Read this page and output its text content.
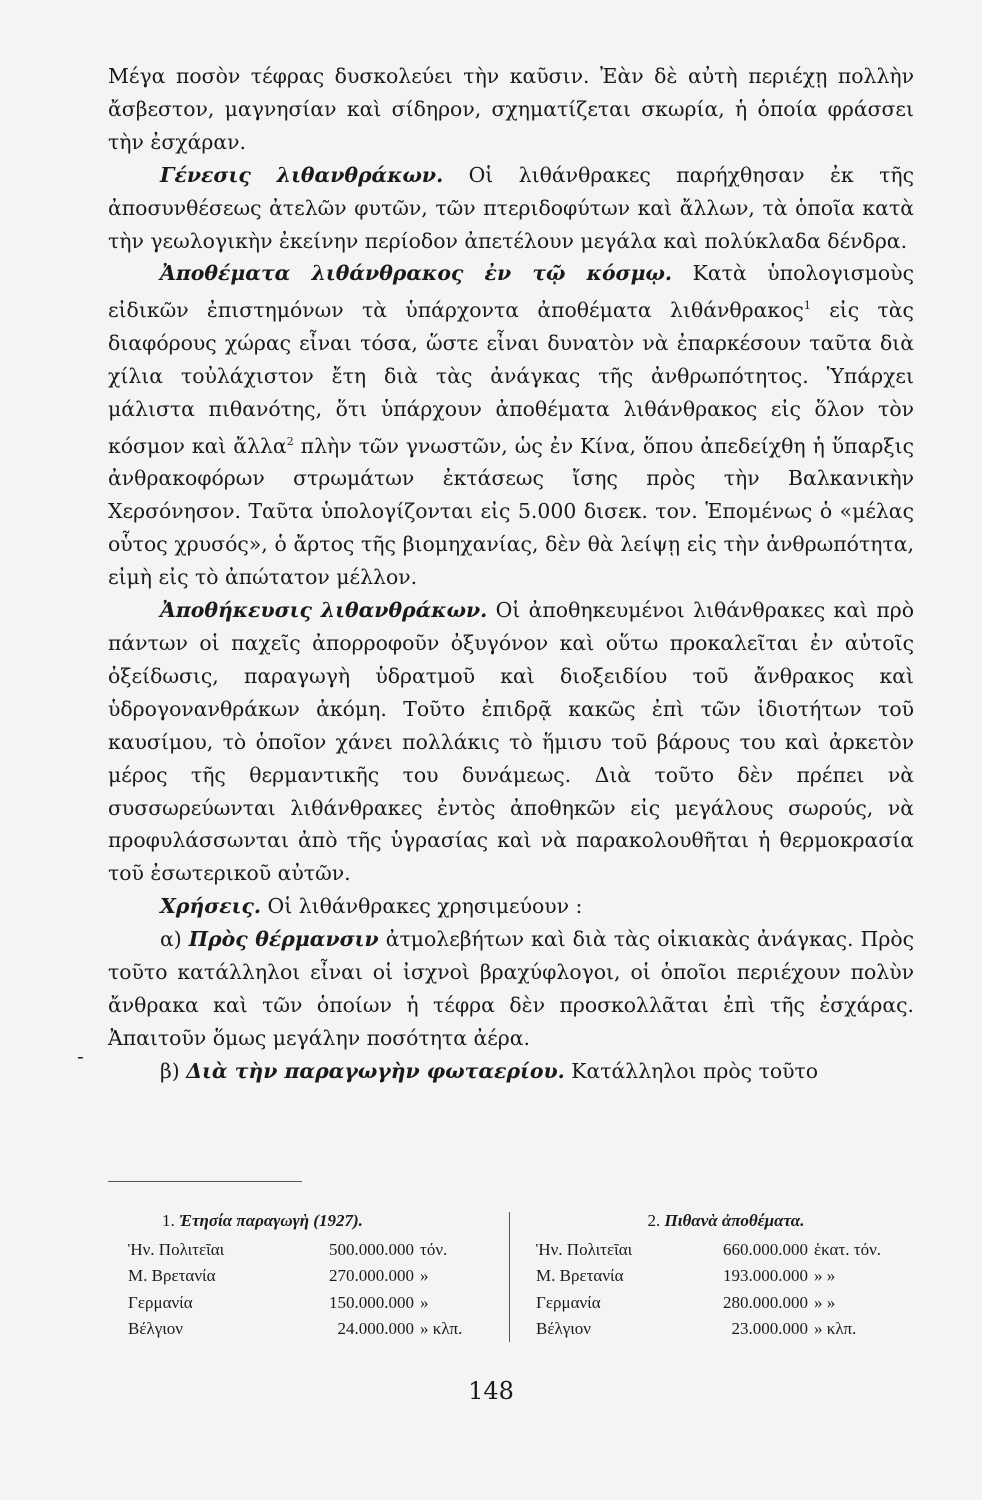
Μέγα ποσὸν τέφρας δυσκολεύει τὴν καῦσιν. Ἐὰν δὲ αὐτὴ περιέχῃ πολλὴν ἄσβεστον, μαγνησίαν καὶ σίδηρον, σχηματίζεται σκωρία, ἡ ὁποία φράσσει τὴν ἐσχάραν.

Γένεσις λιθανθράκων. Οἱ λιθάνθρακες παρήχθησαν ἐκ τῆς ἀποσυνθέσεως ἀτελῶν φυτῶν, τῶν πτεριδοφύτων καὶ ἄλλων, τὰ ὁποῖα κατὰ τὴν γεωλογικὴν ἐκείνην περίοδον ἀπετέλουν μεγάλα καὶ πολύκλαδα δένδρα.

Ἀποθέματα λιθάνθρακος ἐν τῷ κόσμῳ. Κατὰ ὑπολογισμοὺς εἰδικῶν ἐπιστημόνων τὰ ὑπάρχοντα ἀποθέματα λιθάνθρακος$^1$ εἰς τὰς διαφόρους χώρας εἶναι τόσα, ὥστε εἶναι δυνατὸν νὰ ἐπαρκέσουν ταῦτα διὰ χίλια τοὐλάχιστον ἔτη διὰ τὰς ἀνάγκας τῆς ἀνθρωπότητος. Ὑπάρχει μάλιστα πιθανότης, ὅτι ὑπάρχουν ἀποθέματα λιθάνθρακος εἰς ὅλον τὸν κόσμον καὶ ἄλλα$^2$ πλὴν τῶν γνωστῶν, ὡς ἐν Κίνα, ὅπου ἀπεδείχθη ἡ ὕπαρξις ἀνθρακοφόρων στρωμάτων ἐκτάσεως ἴσης πρὸς τὴν Βαλκανικὴν Χερσόνησον. Ταῦτα ὑπολογίζονται εἰς 5.000 δισεκ. τον. Ἑπομένως ὁ «μέλας οὗτος χρυσός», ὁ ἄρτος τῆς βιομηχανίας, δὲν θὰ λείψῃ εἰς τὴν ἀνθρωπότητα, εἰμὴ εἰς τὸ ἀπώτατον μέλλον.

Ἀποθήκευσις λιθανθράκων. Οἱ ἀποθηκευμένοι λιθάνθρακες καὶ πρὸ πάντων οἱ παχεῖς ἀπορροφοῦν ὀξυγόνον καὶ οὕτω προκαλεῖται ἐν αὐτοῖς ὀξείδωσις, παραγωγὴ ὑδρατμοῦ καὶ διοξειδίου τοῦ ἄνθρακος καὶ ὑδρογονανθράκων ἀκόμη. Τοῦτο ἐπιδρᾷ κακῶς ἐπὶ τῶν ἰδιοτήτων τοῦ καυσίμου, τὸ ὁποῖον χάνει πολλάκις τὸ ἥμισυ τοῦ βάρους του καὶ ἀρκετὸν μέρος τῆς θερμαντικῆς του δυνάμεως. Διὰ τοῦτο δὲν πρέπει νὰ συσσωρεύωνται λιθάνθρακες ἐντὸς ἀποθηκῶν εἰς μεγάλους σωρούς, νὰ προφυλάσσωνται ἀπὸ τῆς ὑγρασίας καὶ νὰ παρακολουθῆται ἡ θερμοκρασία τοῦ ἐσωτερικοῦ αὐτῶν.

Χρήσεις. Οἱ λιθάνθρακες χρησιμεύουν :

α) Πρὸς θέρμανσιν ἀτμολεβήτων καὶ διὰ τὰς οἰκιακὰς ἀνάγκας. Πρὸς τοῦτο κατάλληλοι εἶναι οἱ ἰσχνοὶ βραχύφλογοι, οἱ ὁποῖοι περιέχουν πολὺν ἄνθρακα καὶ τῶν ὁποίων ἡ τέφρα δὲν προσκολλᾶται ἐπὶ τῆς ἐσχάρας. Ἀπαιτοῦν ὅμως μεγάλην ποσότητα ἀέρα.

β) Διὰ τὴν παραγωγὴν φωταερίου. Κατάλληλοι πρὸς τοῦτο

-
1. Ἐτησία παραγωγὴ (1927).
Ἡν. Πολιτεῖαι	500.000.000 τόν.
Μ. Βρετανία	270.000.000 »
Γερμανία	150.000.000 »
Βέλγιον	24.000.000 » κλπ.
2. Πιθανὰ ἀποθέματα.
Ἡν. Πολιτεῖαι	660.000.000 ἑκατ. τόν.
Μ. Βρετανία	193.000.000 » »
Γερμανία	280.000.000 » »
Βέλγιον	23.000.000 » κλπ.
148
